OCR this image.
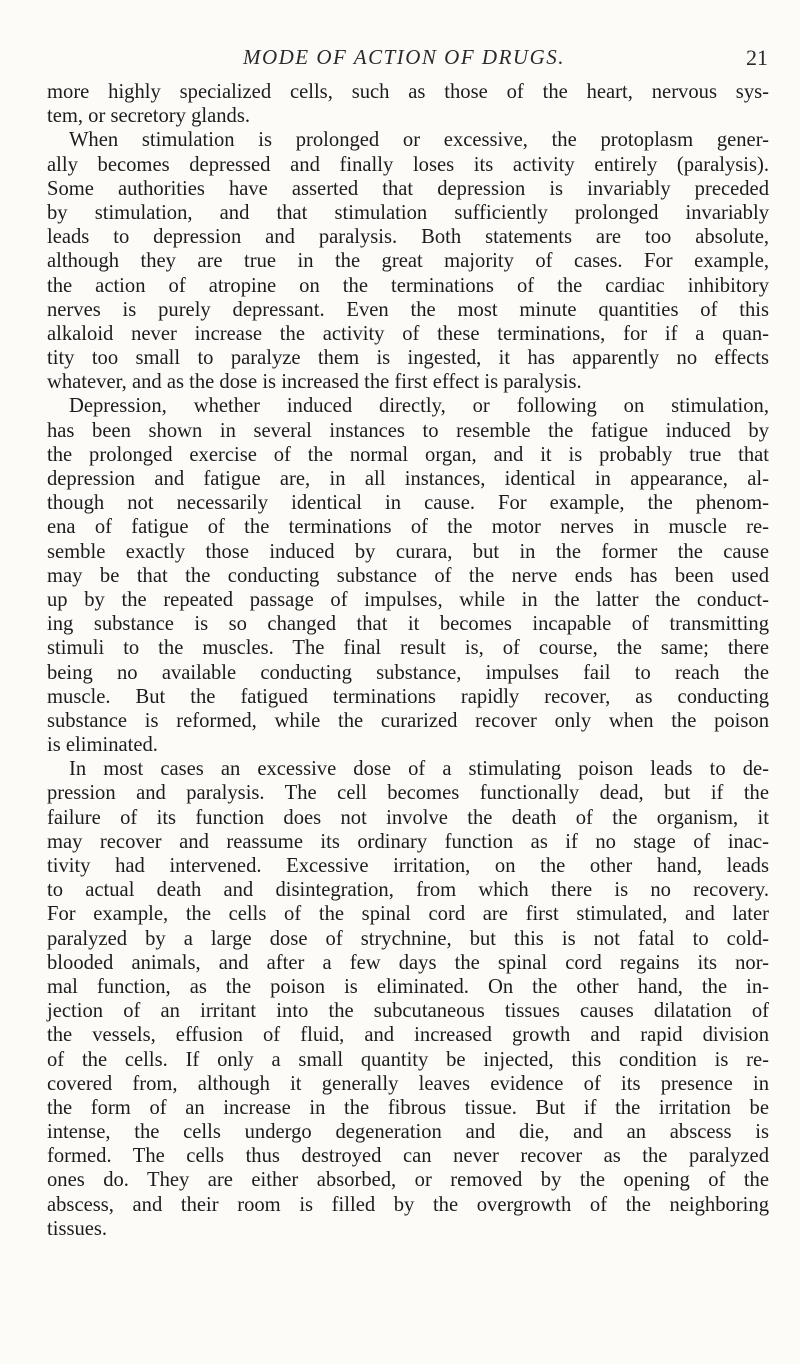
MODE OF ACTION OF DRUGS.	21
more highly specialized cells, such as those of the heart, nervous sys-
tem, or secretory glands.
When stimulation is prolonged or excessive, the protoplasm gener-
ally becomes depressed and finally loses its activity entirely (paralysis).
Some authorities have asserted that depression is invariably preceded
by stimulation, and that stimulation sufficiently prolonged invariably
leads to depression and paralysis. Both statements are too absolute,
although they are true in the great majority of cases. For example,
the action of atropine on the terminations of the cardiac inhibitory
nerves is purely depressant. Even the most minute quantities of this
alkaloid never increase the activity of these terminations, for if a quan-
tity too small to paralyze them is ingested, it has apparently no effects
whatever, and as the dose is increased the first effect is paralysis.
Depression, whether induced directly, or following on stimulation,
has been shown in several instances to resemble the fatigue induced by
the prolonged exercise of the normal organ, and it is probably true that
depression and fatigue are, in all instances, identical in appearance, al-
though not necessarily identical in cause. For example, the phenom-
ena of fatigue of the terminations of the motor nerves in muscle re-
semble exactly those induced by curara, but in the former the cause
may be that the conducting substance of the nerve ends has been used
up by the repeated passage of impulses, while in the latter the conduct-
ing substance is so changed that it becomes incapable of transmitting
stimuli to the muscles. The final result is, of course, the same; there
being no available conducting substance, impulses fail to reach the
muscle. But the fatigued terminations rapidly recover, as conducting
substance is reformed, while the curarized recover only when the poison
is eliminated.
In most cases an excessive dose of a stimulating poison leads to de-
pression and paralysis. The cell becomes functionally dead, but if the
failure of its function does not involve the death of the organism, it
may recover and reassume its ordinary function as if no stage of inac-
tivity had intervened. Excessive irritation, on the other hand, leads
to actual death and disintegration, from which there is no recovery.
For example, the cells of the spinal cord are first stimulated, and later
paralyzed by a large dose of strychnine, but this is not fatal to cold-
blooded animals, and after a few days the spinal cord regains its nor-
mal function, as the poison is eliminated. On the other hand, the in-
jection of an irritant into the subcutaneous tissues causes dilatation of
the vessels, effusion of fluid, and increased growth and rapid division
of the cells. If only a small quantity be injected, this condition is re-
covered from, although it generally leaves evidence of its presence in
the form of an increase in the fibrous tissue. But if the irritation be
intense, the cells undergo degeneration and die, and an abscess is
formed. The cells thus destroyed can never recover as the paralyzed
ones do. They are either absorbed, or removed by the opening of the
abscess, and their room is filled by the overgrowth of the neighboring
tissues.
